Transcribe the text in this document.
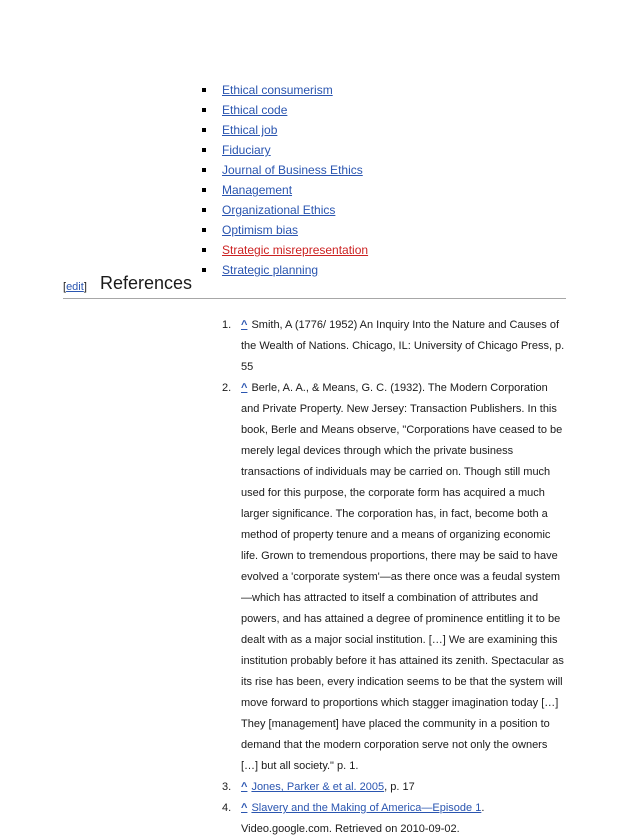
Ethical consumerism
Ethical code
Ethical job
Fiduciary
Journal of Business Ethics
Management
Organizational Ethics
Optimism bias
Strategic misrepresentation
Strategic planning
[edit] References
1. ^ Smith, A (1776/ 1952) An Inquiry Into the Nature and Causes of the Wealth of Nations. Chicago, IL: University of Chicago Press, p. 55
2. ^ Berle, A. A., & Means, G. C. (1932). The Modern Corporation and Private Property. New Jersey: Transaction Publishers. In this book, Berle and Means observe, "Corporations have ceased to be merely legal devices through which the private business transactions of individuals may be carried on. Though still much used for this purpose, the corporate form has acquired a much larger significance. The corporation has, in fact, become both a method of property tenure and a means of organizing economic life. Grown to tremendous proportions, there may be said to have evolved a 'corporate system'—as there once was a feudal system—which has attracted to itself a combination of attributes and powers, and has attained a degree of prominence entitling it to be dealt with as a major social institution. […] We are examining this institution probably before it has attained its zenith. Spectacular as its rise has been, every indication seems to be that the system will move forward to proportions which stagger imagination today […] They [management] have placed the community in a position to demand that the modern corporation serve not only the owners […] but all society." p. 1.
3. ^ Jones, Parker & et al. 2005, p. 17
4. ^ Slavery and the Making of America—Episode 1. Video.google.com. Retrieved on 2010-09-02.
